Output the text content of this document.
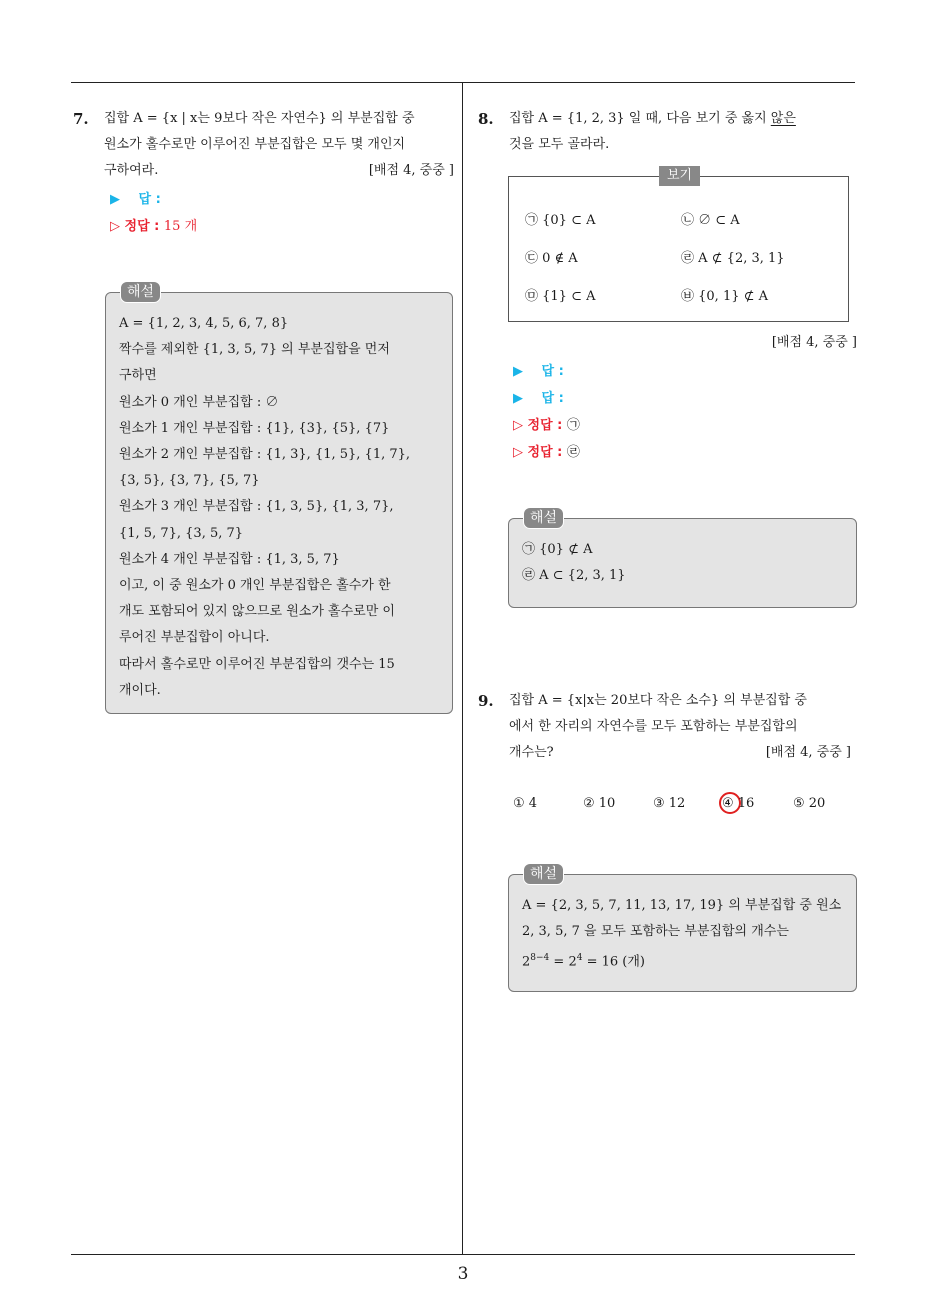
3
7. 집합 A = {x | x는 9보다 작은 자연수} 의 부분집합 중
원소가 홀수로만 이루어진 부분집합은 모두 몇 개인지
구하여라.	[배점 4, 중중 ]
▶ 답 :
▷ 정답 : 15 개
해설
A = {1, 2, 3, 4, 5, 6, 7, 8}
짝수를 제외한 {1, 3, 5, 7} 의 부분집합을 먼저
구하면
원소가 0 개인 부분집합 : ∅
원소가 1 개인 부분집합 : {1}, {3}, {5}, {7}
원소가 2 개인 부분집합 : {1, 3}, {1, 5}, {1, 7},
{3, 5}, {3, 7}, {5, 7}
원소가 3 개인 부분집합 : {1, 3, 5}, {1, 3, 7},
{1, 5, 7}, {3, 5, 7}
원소가 4 개인 부분집합 : {1, 3, 5, 7}
이고, 이 중 원소가 0 개인 부분집합은 홀수가 한
개도 포함되어 있지 않으므로 원소가 홀수로만 이
루어진 부분집합이 아니다.
따라서 홀수로만 이루어진 부분집합의 갯수는 15
개이다.
8. 집합 A = {1, 2, 3} 일 때, 다음 보기 중 옳지 않은
것을 모두 골라라.
보기
㉠ {0} ⊂ A	㉡ ∅ ⊂ A
㉢ 0 ∉ A	㉣ A ⊄ {2, 3, 1}
㉤ {1} ⊂ A	㉥ {0, 1} ⊄ A
[배점 4, 중중 ]
▶ 답 :
▶ 답 :
▷ 정답 : ㉠
▷ 정답 : ㉣
해설
㉠ {0} ⊄ A
㉣ A ⊂ {2, 3, 1}
9. 집합 A = {x|x는 20보다 작은 소수} 의 부분집합 중
에서 한 자리의 자연수를 모두 포함하는 부분집합의
개수는?	[배점 4, 중중 ]
① 4	② 10	③ 12	④ 16	⑤ 20
해설
A = {2, 3, 5, 7, 11, 13, 17, 19} 의 부분집합 중 원소
2, 3, 5, 7 을 모두 포함하는 부분집합의 개수는
$2^{8-4} = 2^4 = 16$ (개)
